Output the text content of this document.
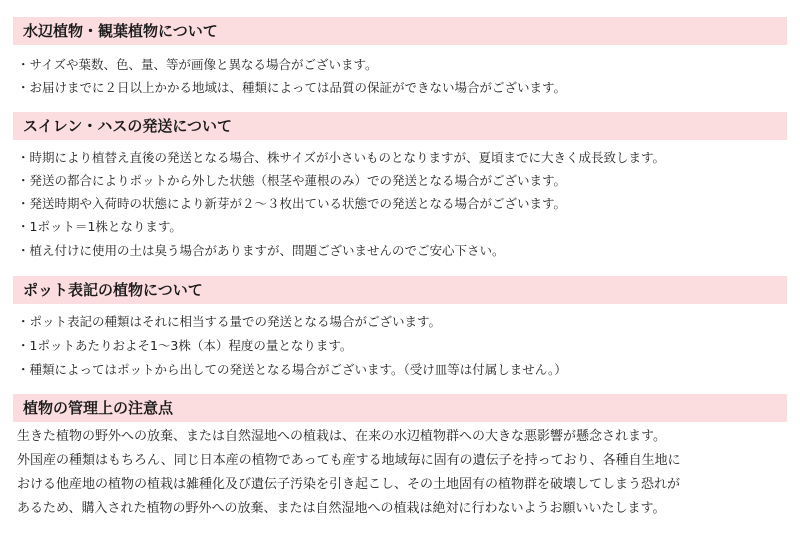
水辺植物・観葉植物について
・サイズや葉数、色、量、等が画像と異なる場合がございます。
・お届けまでに２日以上かかる地域は、種類によっては品質の保証ができない場合がございます。
スイレン・ハスの発送について
・時期により植替え直後の発送となる場合、株サイズが小さいものとなりますが、夏頃までに大きく成長致します。
・発送の都合によりポットから外した状態（根茎や蓮根のみ）での発送となる場合がございます。
・発送時期や入荷時の状態により新芽が２〜３枚出ている状態での発送となる場合がございます。
・1ポット＝1株となります。
・植え付けに使用の土は臭う場合がありますが、問題ございませんのでご安心下さい。
ポット表記の植物について
・ポット表記の種類はそれに相当する量での発送となる場合がございます。
・1ポットあたりおよそ1〜3株（本）程度の量となります。
・種類によってはポットから出しての発送となる場合がございます。（受け皿等は付属しません。）
植物の管理上の注意点
生きた植物の野外への放棄、または自然湿地への植栽は、在来の水辺植物群への大きな悪影響が懸念されます。
外国産の種類はもちろん、同じ日本産の植物であっても産する地域毎に固有の遺伝子を持っており、各種自生地に
おける他産地の植物の植栽は雑種化及び遺伝子汚染を引き起こし、その土地固有の植物群を破壊してしまう恐れが
あるため、購入された植物の野外への放棄、または自然湿地への植栽は絶対に行わないようお願いいたします。
